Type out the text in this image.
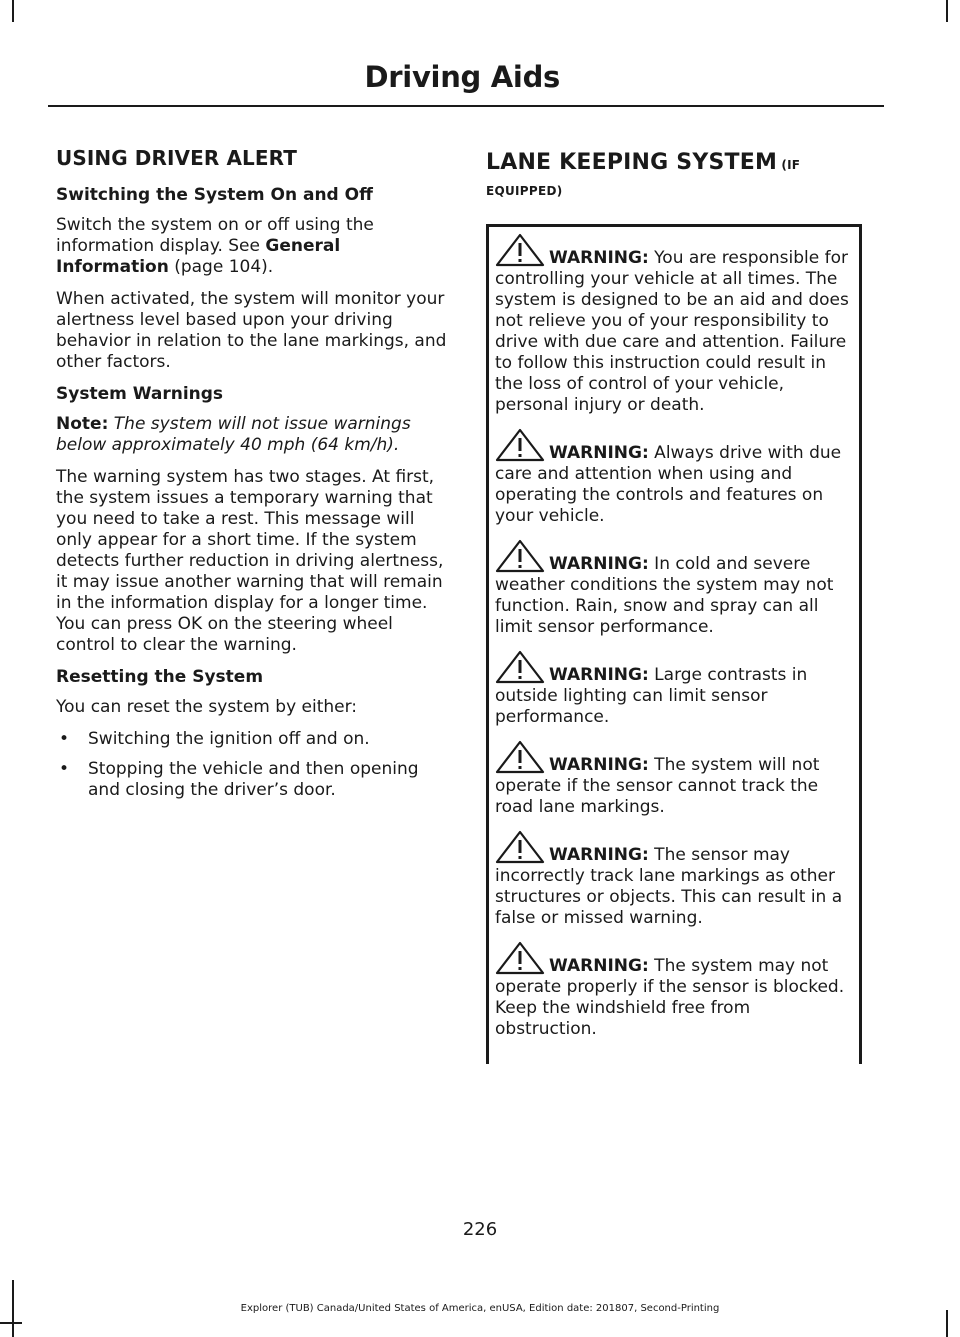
Driving Aids
USING DRIVER ALERT
Switching the System On and Off

Switch the system on or off using the information display. See General Information (page 104).

When activated, the system will monitor your alertness level based upon your driving behavior in relation to the lane markings, and other factors.

System Warnings

Note: The system will not issue warnings below approximately 40 mph (64 km/h).

The warning system has two stages. At first, the system issues a temporary warning that you need to take a rest. This message will only appear for a short time. If the system detects further reduction in driving alertness, it may issue another warning that will remain in the information display for a longer time. You can press OK on the steering wheel control to clear the warning.

Resetting the System

You can reset the system by either:

• Switching the ignition off and on.
• Stopping the vehicle and then opening and closing the driver’s door.
LANE KEEPING SYSTEM (IF
EQUIPPED)
WARNING: You are responsible for controlling your vehicle at all times. The system is designed to be an aid and does not relieve you of your responsibility to drive with due care and attention. Failure to follow this instruction could result in the loss of control of your vehicle, personal injury or death.
WARNING: Always drive with due care and attention when using and operating the controls and features on your vehicle.
WARNING: In cold and severe weather conditions the system may not function. Rain, snow and spray can all limit sensor performance.
WARNING: Large contrasts in outside lighting can limit sensor performance.
WARNING: The system will not operate if the sensor cannot track the road lane markings.
WARNING: The sensor may incorrectly track lane markings as other structures or objects. This can result in a false or missed warning.
WARNING: The system may not operate properly if the sensor is blocked. Keep the windshield free from obstruction.
226
Explorer (TUB) Canada/United States of America, enUSA, Edition date: 201807, Second-Printing
